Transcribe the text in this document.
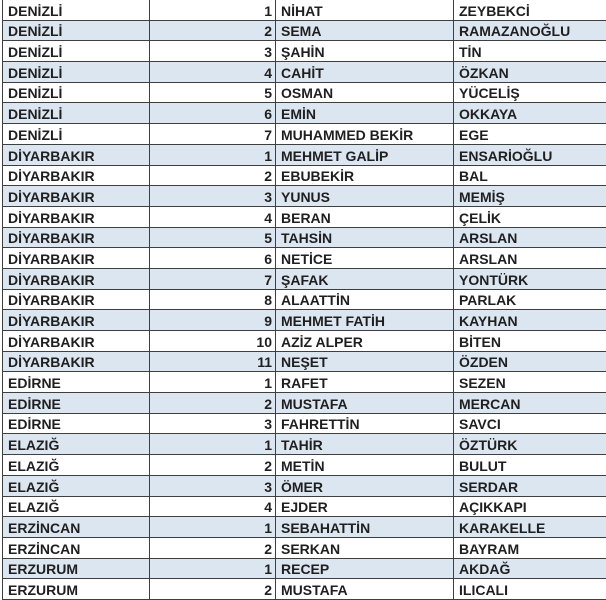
DENİZLİ	1 NİHAT	ZEYBEKCİ
DENİZLİ	2 SEMA	RAMAZANOĞLU
DENİZLİ	3 ŞAHİN	TİN
DENİZLİ	4 CAHİT	ÖZKAN
DENİZLİ	5 OSMAN	YÜCELİŞ
DENİZLİ	6 EMİN	OKKAYA
DENİZLİ	7 MUHAMMED BEKİR	EGE
DİYARBAKIR	1 MEHMET GALİP	ENSARİOĞLU
DİYARBAKIR	2 EBUBEKİR	BAL
DİYARBAKIR	3 YUNUS	MEMİŞ
DİYARBAKIR	4 BERAN	ÇELİK
DİYARBAKIR	5 TAHSİN	ARSLAN
DİYARBAKIR	6 NETİCE	ARSLAN
DİYARBAKIR	7 ŞAFAK	YONTÜRK
DİYARBAKIR	8 ALAATTİN	PARLAK
DİYARBAKIR	9 MEHMET FATİH	KAYHAN
DİYARBAKIR	10 AZİZ ALPER	BİTEN
DİYARBAKIR	11 NEŞET	ÖZDEN
EDİRNE	1 RAFET	SEZEN
EDİRNE	2 MUSTAFA	MERCAN
EDİRNE	3 FAHRETTİN	SAVCI
ELAZIĞ	1 TAHİR	ÖZTÜRK
ELAZIĞ	2 METİN	BULUT
ELAZIĞ	3 ÖMER	SERDAR
ELAZIĞ	4 EJDER	AÇIKKAPI
ERZİNCAN	1 SEBAHATTİN	KARAKELLE
ERZİNCAN	2 SERKAN	BAYRAM
ERZURUM	1 RECEP	AKDAĞ
ERZURUM	2 MUSTAFA	ILICALI
